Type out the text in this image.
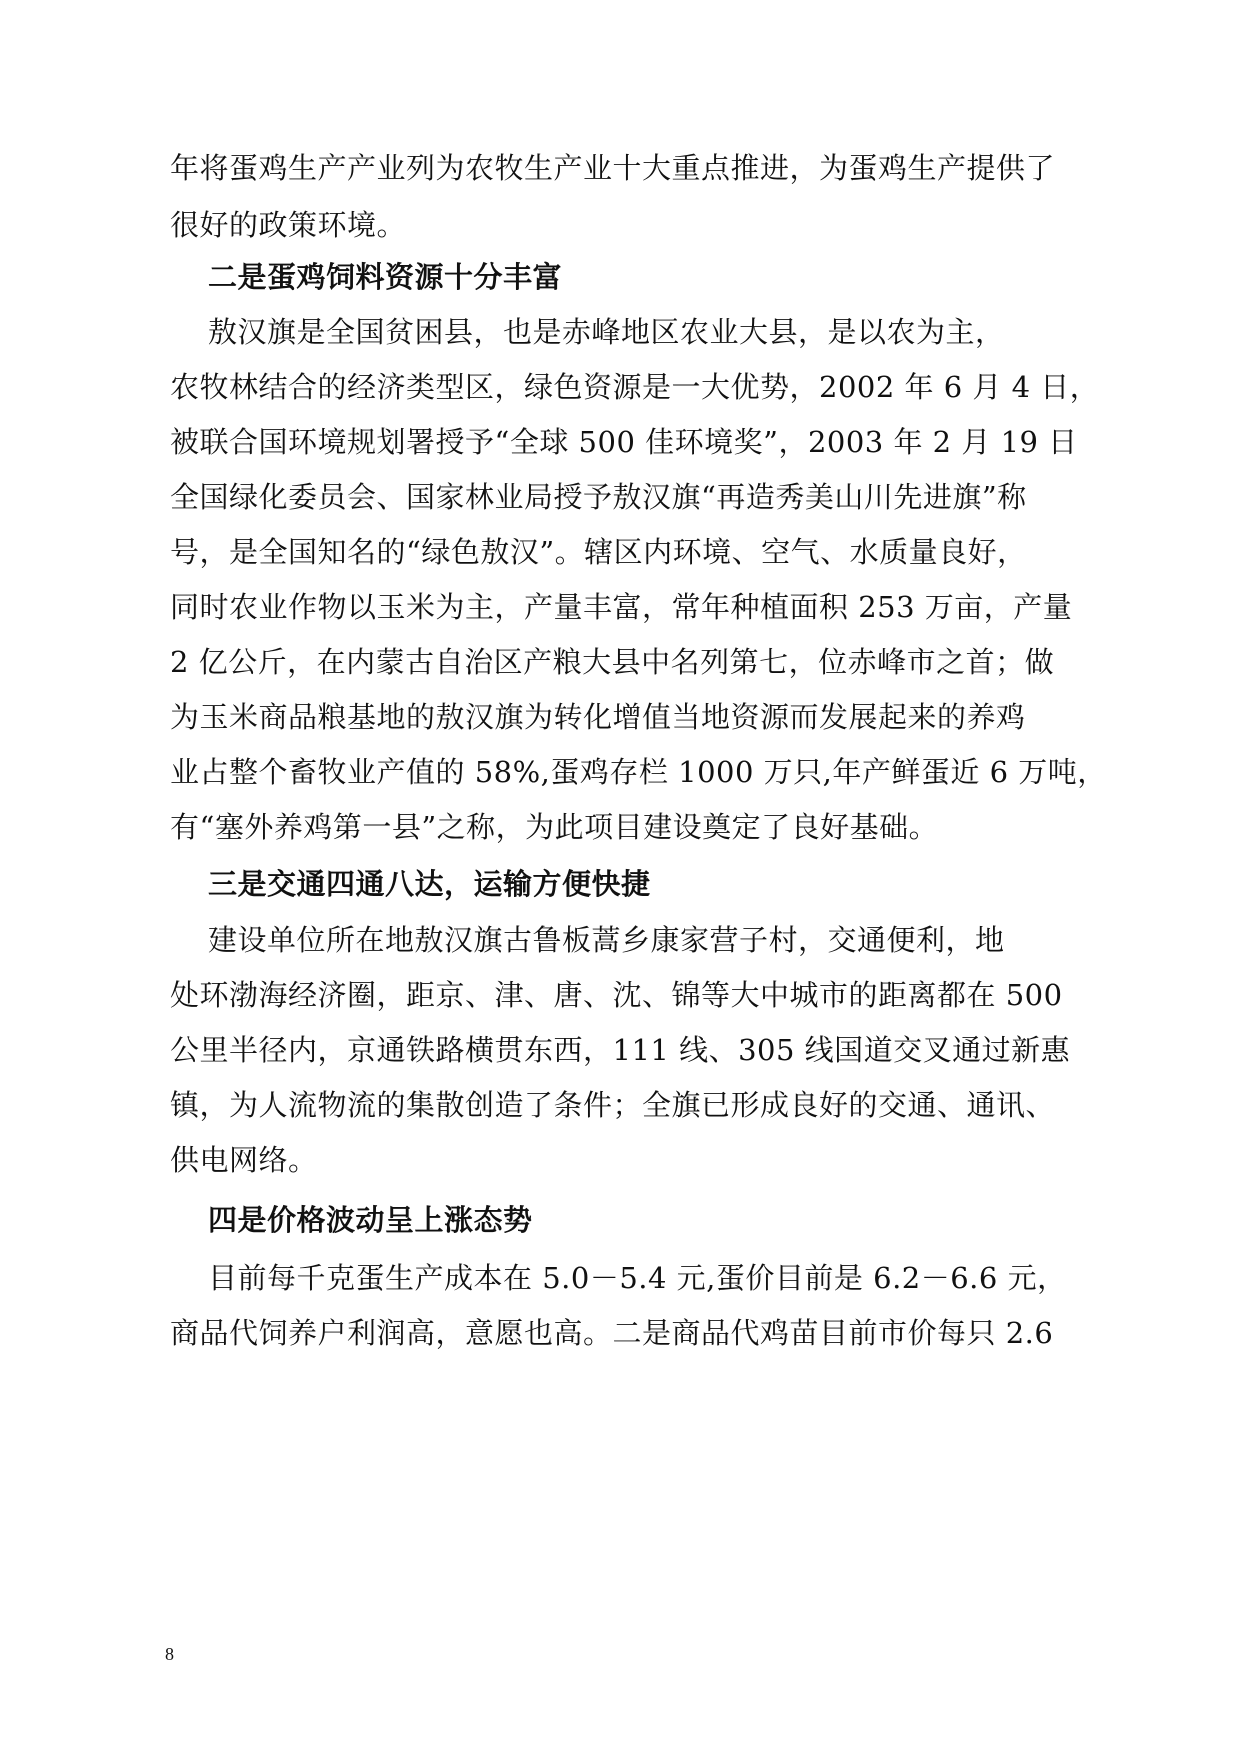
年将蛋鸡生产产业列为农牧生产业十大重点推进，为蛋鸡生产提供了
很好的政策环境。
二是蛋鸡饲料资源十分丰富
敖汉旗是全国贫困县，也是赤峰地区农业大县，是以农为主，
农牧林结合的经济类型区，绿色资源是一大优势，2002 年 6 月 4 日，
被联合国环境规划署授予“全球 500 佳环境奖”，2003 年 2 月 19 日
全国绿化委员会、国家林业局授予敖汉旗“再造秀美山川先进旗”称
号，是全国知名的“绿色敖汉”。辖区内环境、空气、水质量良好，
同时农业作物以玉米为主，产量丰富，常年种植面积 253 万亩，产量
2 亿公斤，在内蒙古自治区产粮大县中名列第七，位赤峰市之首；做
为玉米商品粮基地的敖汉旗为转化增值当地资源而发展起来的养鸡
业占整个畜牧业产值的 58%,蛋鸡存栏 1000 万只,年产鲜蛋近 6 万吨，
有“塞外养鸡第一县”之称，为此项目建设奠定了良好基础。
三是交通四通八达，运输方便快捷
建设单位所在地敖汉旗古鲁板蒿乡康家营子村，交通便利，地
处环渤海经济圈，距京、津、唐、沈、锦等大中城市的距离都在 500
公里半径内，京通铁路横贯东西，111 线、305 线国道交叉通过新惠
镇，为人流物流的集散创造了条件；全旗已形成良好的交通、通讯、
供电网络。
四是价格波动呈上涨态势
目前每千克蛋生产成本在 5.0－5.4 元,蛋价目前是 6.2－6.6 元，
商品代饲养户利润高，意愿也高。二是商品代鸡苗目前市价每只 2.6
8
